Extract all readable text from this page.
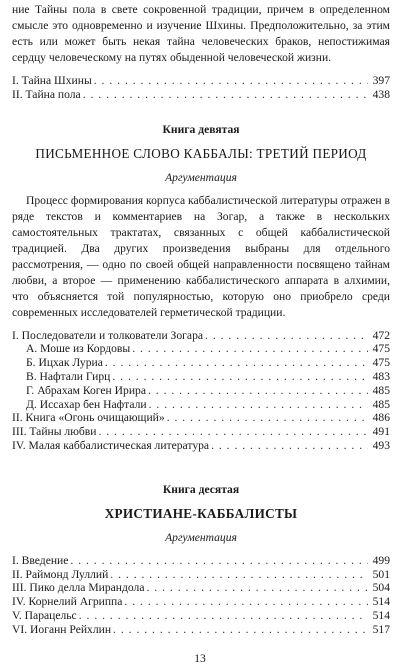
ние Тайны пола в свете сокровенной традиции, причем в определенном смысле это одновременно и изучение Шхины. Предположительно, за этим есть или может быть некая тайна человеческих браков, непостижимая сердцу человеческому на путях обыденной человеческой жизни.

I. Тайна Шхины . . .	397
II. Тайна пола . . .	438

Книга девятая

ПИСЬМЕННОЕ СЛОВО КАББАЛЫ: ТРЕТИЙ ПЕРИОД

Аргументация

Процесс формирования корпуса каббалистической литературы отражен в ряде текстов и комментариев на Зогар, а также в нескольких самостоятельных трактатах, связанных с общей каббалистической традицией. Два других произведения выбраны для отдельного рассмотрения, — одно по своей общей направленности посвящено тайнам любви, а второе — применению каббалистического аппарата в алхимии, что объясняется той популярностью, которую оно приобрело среди современных исследователей герметической традиции.

I. Последователи и толкователи Зогара . . .	472
А. Моше из Кордовы . . .	475
Б. Ицхак Луриа . . .	475
В. Нафтали Гирц . . .	483
Г. Абрахам Коген Ирира . . .	485
Д. Иссахар бен Нафтали . . .	485
II. Книга «Огонь очищающий» . . .	486
III. Тайны любви . . .	491
IV. Малая каббалистическая литература . . .	493

Книга десятая

ХРИСТИАНЕ-КАББАЛИСТЫ

Аргументация

I. Введение . . .	499
II. Раймонд Луллий . . .	501
III. Пико делла Мирандола . . .	504
IV. Корнелий Агриппа . . .	514
V. Парацельс . . .	514
VI. Иоганн Рейхлин . . .	517

13
